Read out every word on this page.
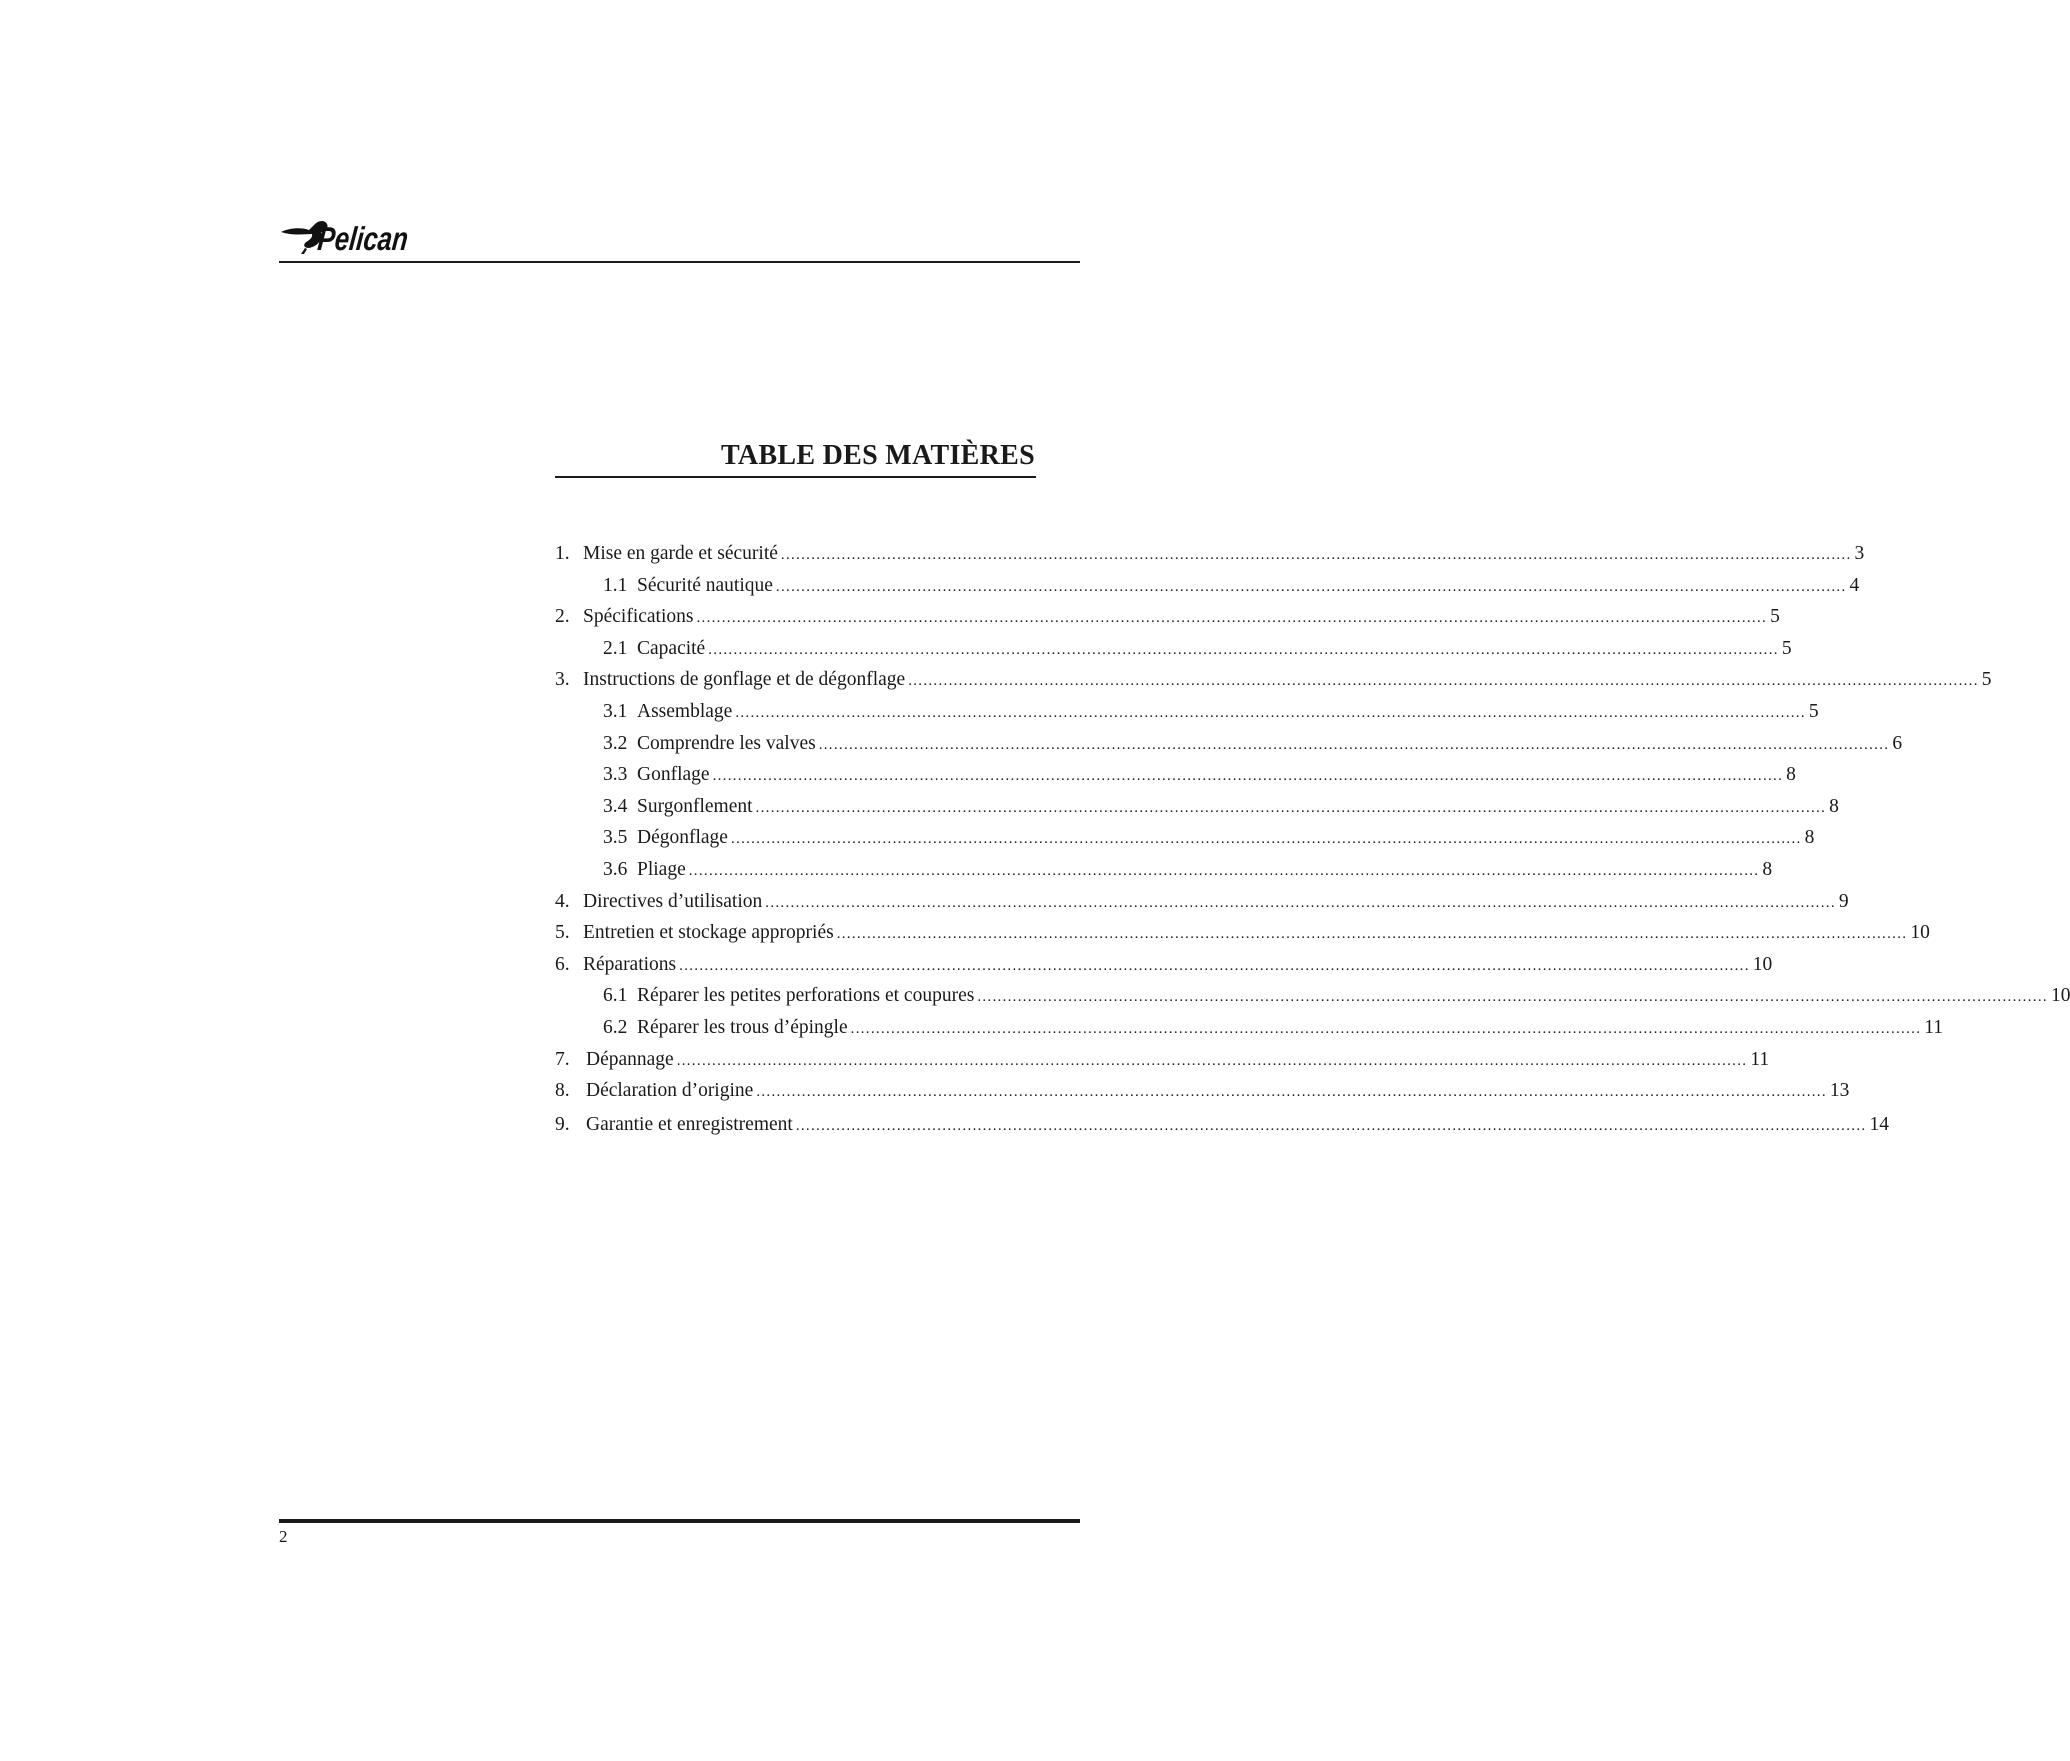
Pelican
TABLE DES MATIÈRES
1. Mise en garde et sécurité .....	3
1.1 Sécurité nautique .....	4
2. Spécifications .....	5
2.1 Capacité .....	5
3. Instructions de gonflage et de dégonflage .....	5
3.1 Assemblage .....	5
3.2 Comprendre les valves .....	6
3.3 Gonflage .....	8
3.4 Surgonflement .....	8
3.5 Dégonflage .....	8
3.6 Pliage .....	8
4. Directives d’utilisation .....	9
5. Entretien et stockage appropriés .....	10
6. Réparations .....	10
6.1 Réparer les petites perforations et coupures .....	10
6.2 Réparer les trous d’épingle .....	11
7. Dépannage .....	11
8. Déclaration d’origine .....	13
9. Garantie et enregistrement .....	14
2
